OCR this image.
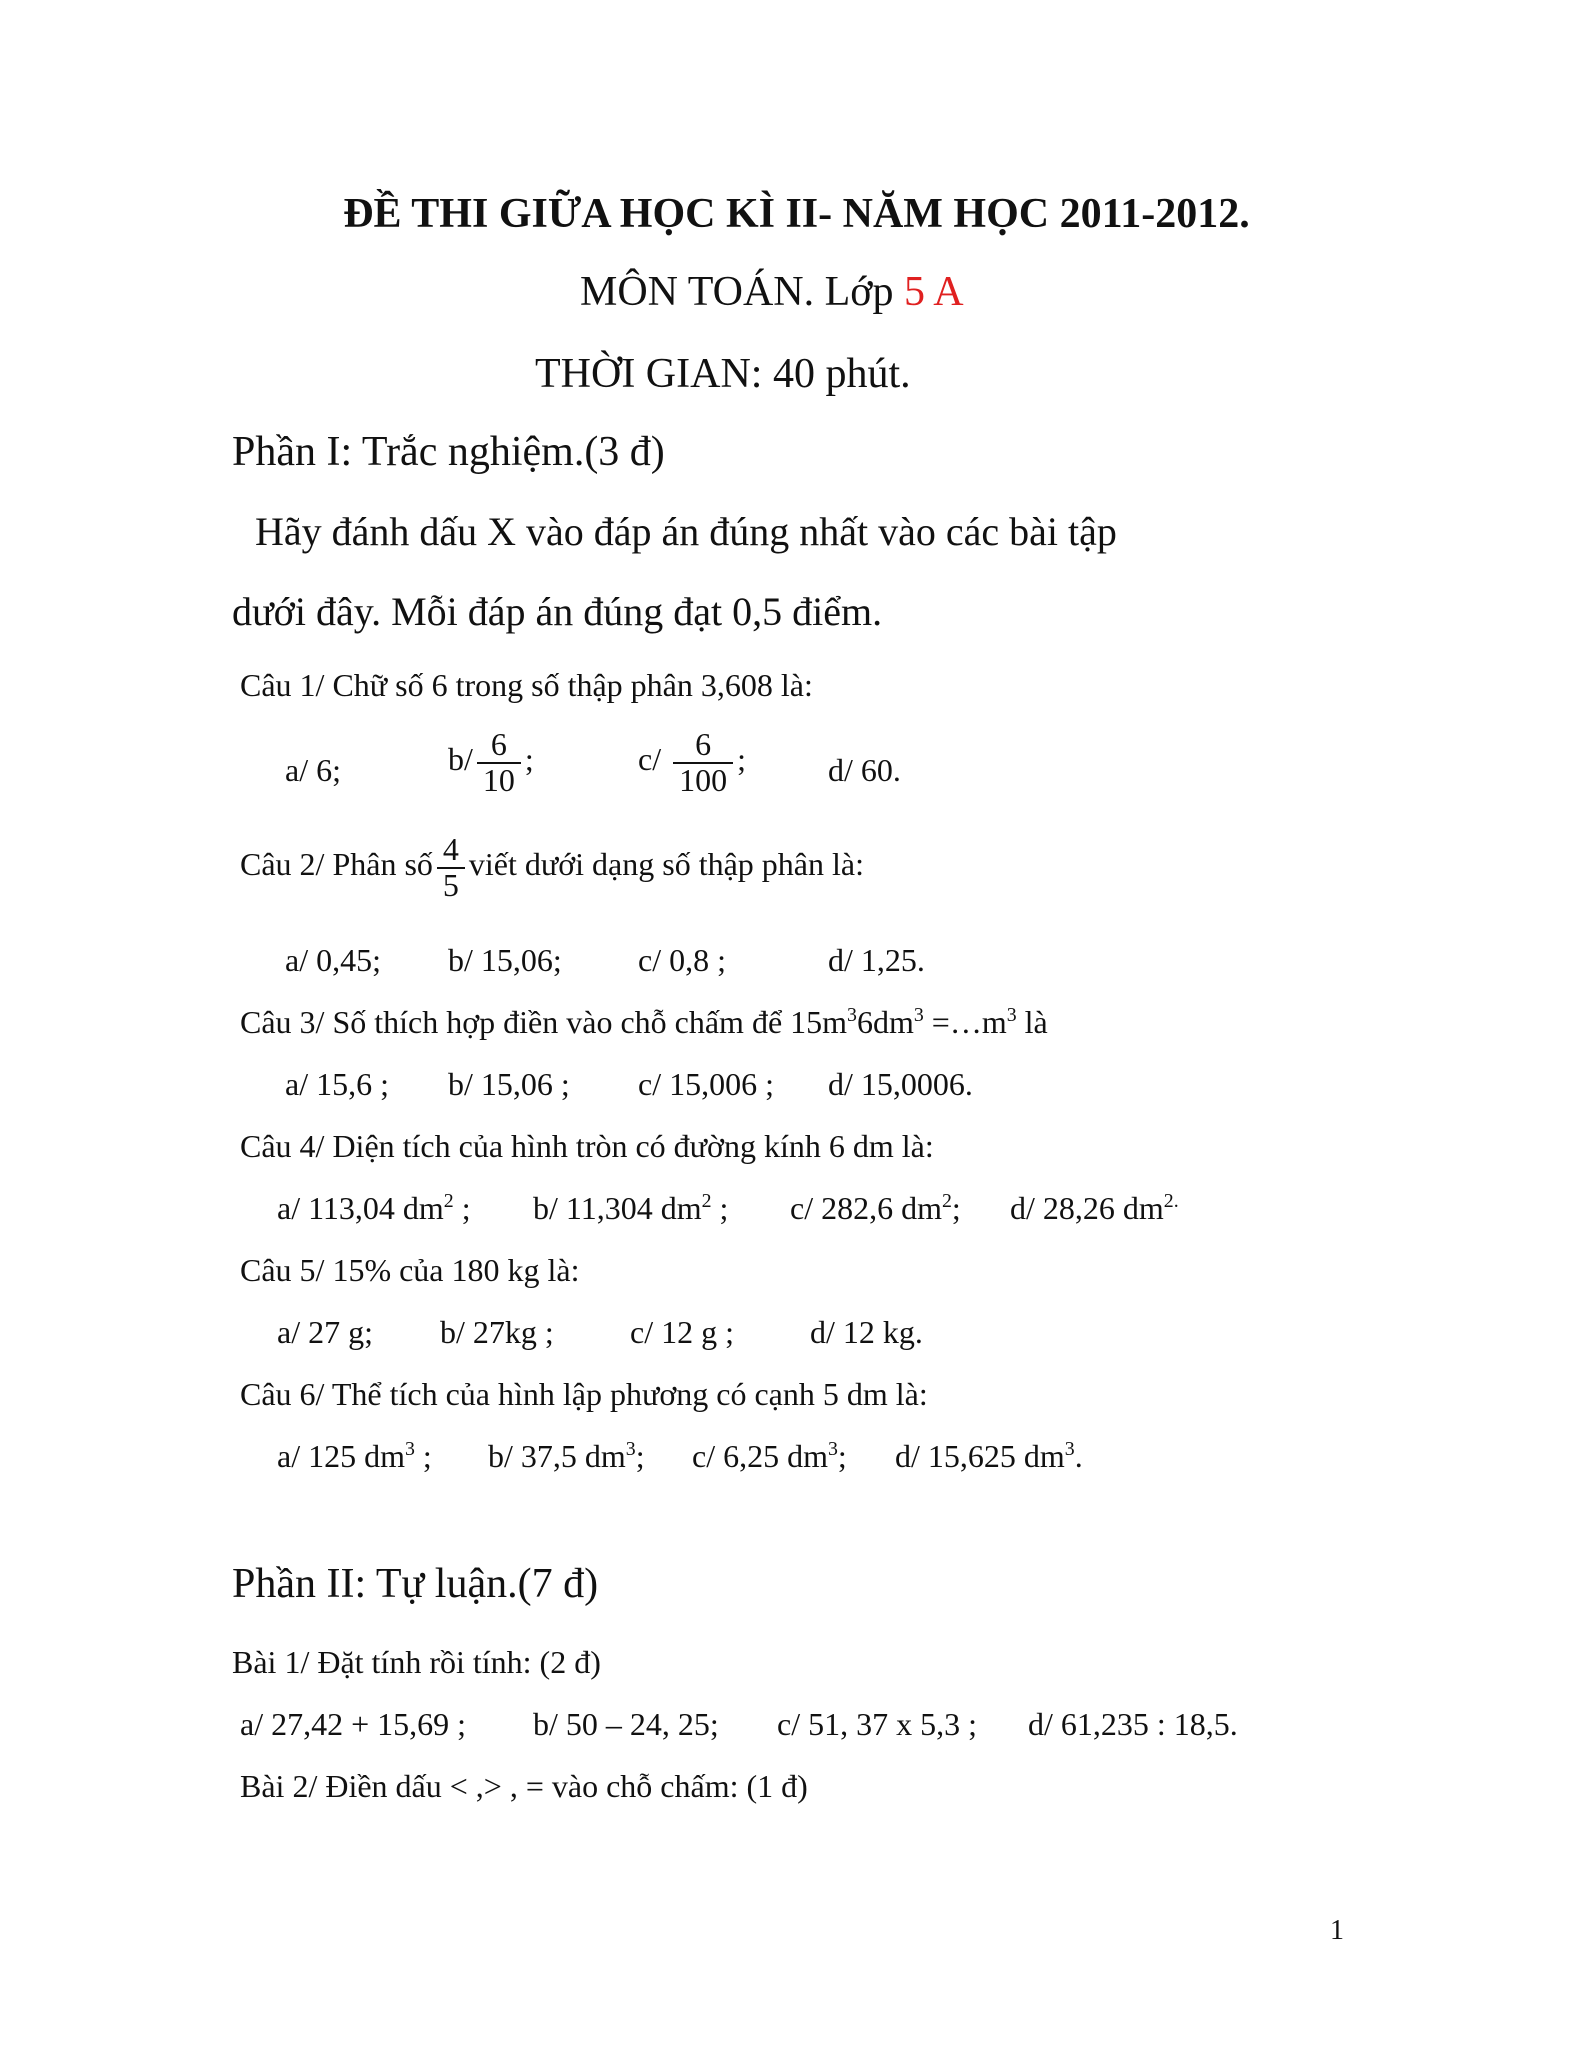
ĐỀ THI GIỮA HỌC KÌ II- NĂM HỌC 2011-2012.
MÔN TOÁN. Lớp 5 A
THỜI GIAN: 40 phút.
Phần I: Trắc nghiệm.(3 đ)
Hãy đánh dấu X vào đáp án đúng nhất vào các bài tập
dưới đây. Mỗi đáp án đúng đạt 0,5 điểm.
Câu 1/ Chữ số 6 trong số thập phân 3,608 là:
a/ 6;	$b/ \frac{6}{10}$ ;	$c/ \frac{6}{100}$ ;	d/ 60.
Câu 2/ Phân số $\frac{4}{5}$ viết dưới dạng số thập phân là:
a/ 0,45; b/ 15,06; c/ 0,8 ;	d/ 1,25.
Câu 3/ Số thích hợp điền vào chỗ chấm để $15m^36dm^3$ $=\dots m^3$ là
a/ 15,6 ; b/ 15,06 ; c/ 15,006 ; d/ 15,0006.
Câu 4/ Diện tích của hình tròn có đường kính 6 dm là:
a/ 113,04 $dm^2$ ; b/ 11,304 $dm^2$ ; c/ 282,6 $dm^2$; d/ 28,26 $dm^{2.}$
Câu 5/ 15% của 180 kg là:
a/ 27 g; b/ 27kg ; c/ 12 g ; d/ 12 kg.
Câu 6/ Thể tích của hình lập phương có cạnh 5 dm là:
a/ 125 $dm^3$ ; b/ 37,5 $dm^3$; c/ 6,25 $dm^3$; d/ 15,625 $dm^3$.
Phần II: Tự luận.(7 đ)
Bài 1/ Đặt tính rồi tính: (2 đ)
a/ 27,42 + 15,69 ; b/ 50 – 24, 25; c/ 51, 37 x 5,3 ; d/ 61,235 : 18,5.
Bài 2/ Điền dấu < ,> , = vào chỗ chấm: (1 đ)
1
